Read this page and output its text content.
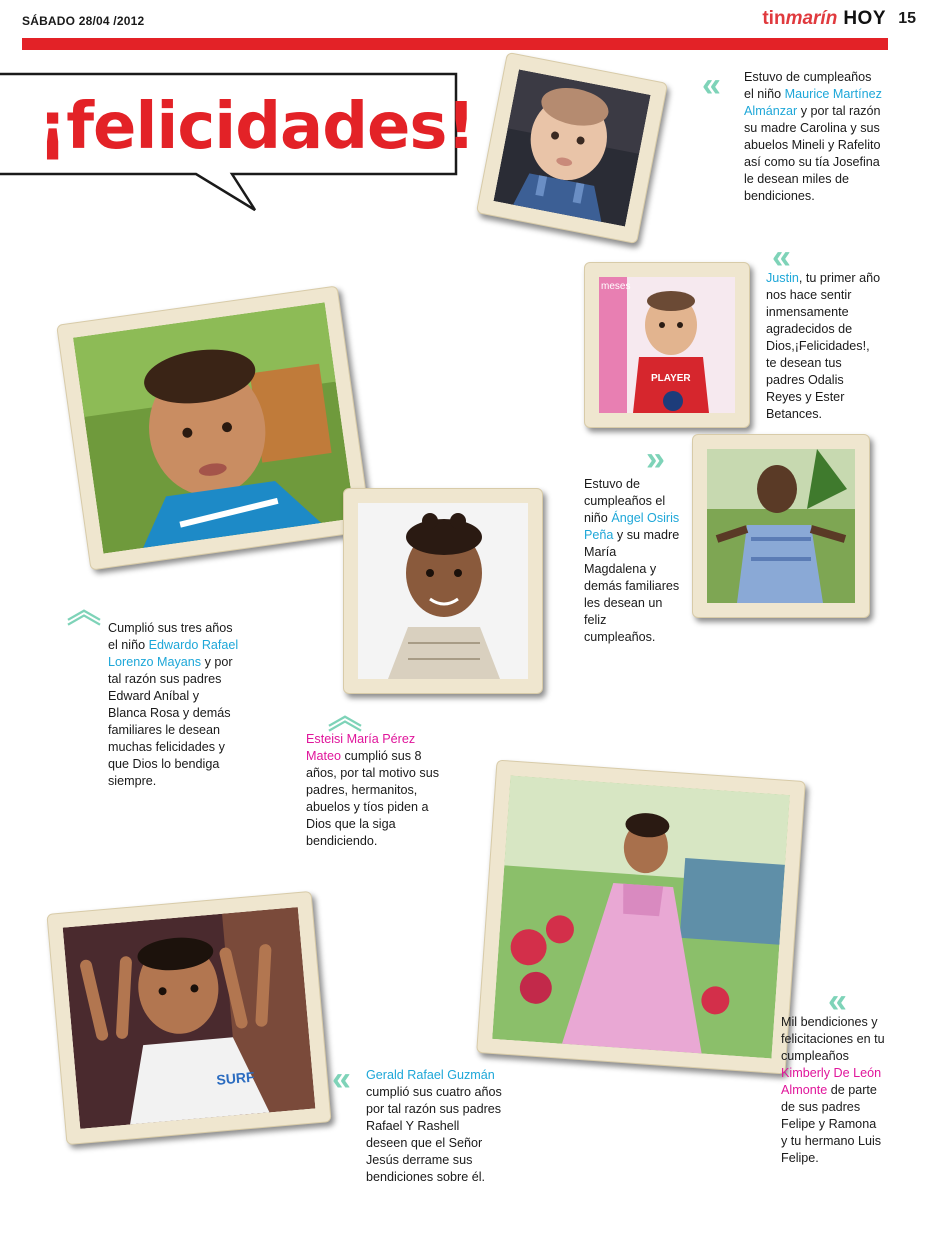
SÁBADO 28/04 /2012	tinmarín HOY 15
¡felicidades!
« Estuvo de cumpleaños el niño Maurice Martínez Almánzar y por tal razón su madre Carolina y sus abuelos Mineli y Rafelito así como su tía Josefina le desean miles de bendiciones.
meses
PLAYER
«
Justin, tu primer año nos hace sentir inmensamente agradecidos de Dios,¡Felicidades!, te desean tus padres Odalis Reyes y Ester Betances.
»
Estuvo de cumpleaños el niño Ángel Osiris Peña y su madre María Magdalena y demás familiares les desean un feliz cumpleaños.
︽ Cumplió sus tres años el niño Edwardo Rafael Lorenzo Mayans y por tal razón sus padres Edward Aníbal y Blanca Rosa y demás familiares le desean muchas felicidades y que Dios lo bendiga siempre.
︽
Esteisi María Pérez Mateo cumplió sus 8 años, por tal motivo sus padres, hermanitos, abuelos y tíos piden a Dios que la siga bendiciendo.
SURF « Gerald Rafael Guzmán cumplió sus cuatro años por tal razón sus padres Rafael Y Rashell deseen que el Señor Jesús derrame sus bendiciones sobre él.
«
Mil bendiciones y felicitaciones en tu cumpleaños Kimberly De León Almonte de parte de sus padres Felipe y Ramona y tu hermano Luis Felipe.
